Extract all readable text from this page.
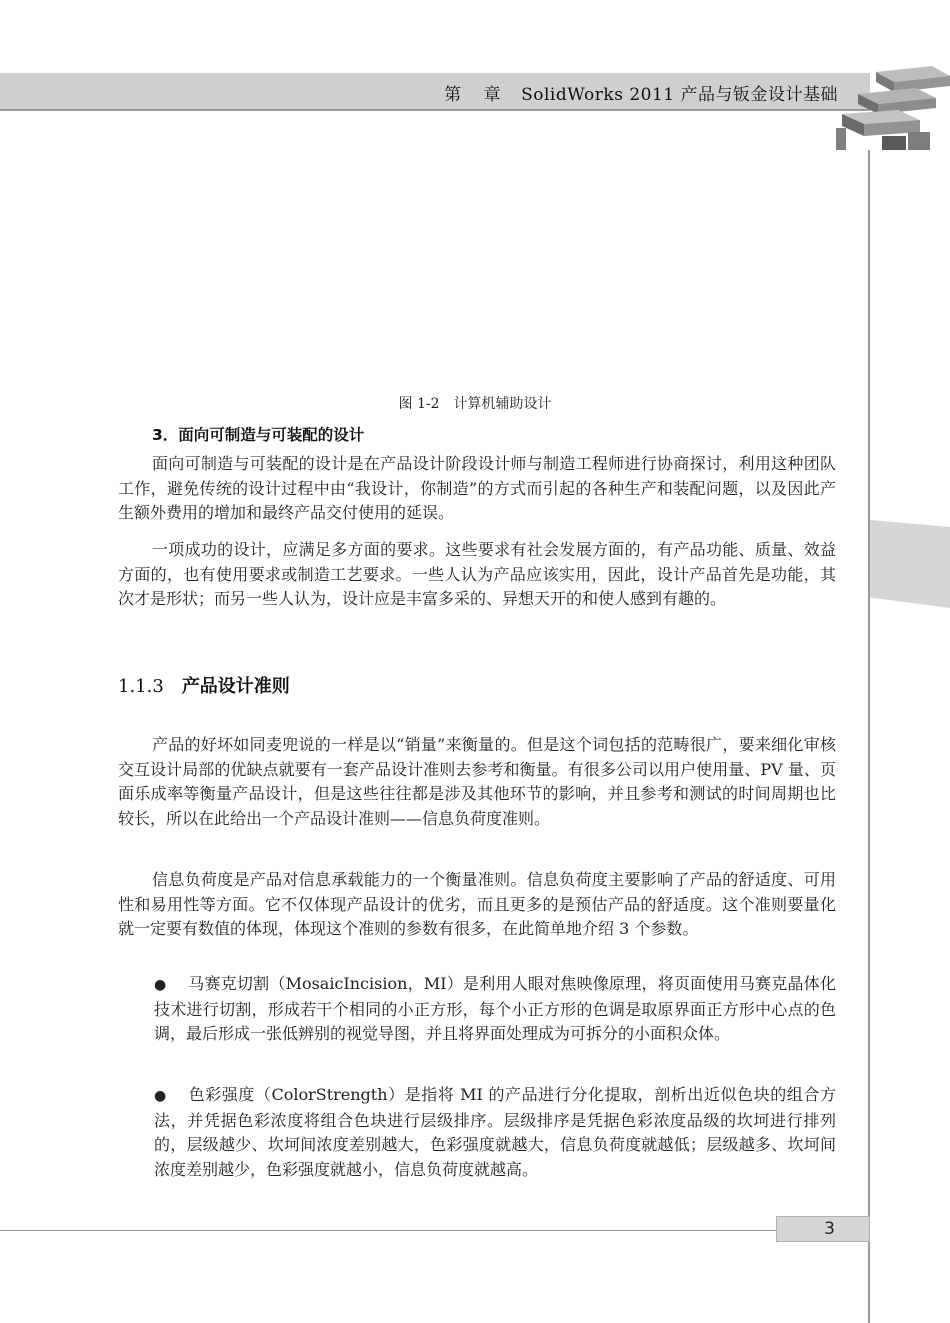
第 章 SolidWorks 2011 产品与钣金设计基础
图 1-2　计算机辅助设计
3．面向可制造与可装配的设计

面向可制造与可装配的设计是在产品设计阶段设计师与制造工程师进行协商探讨，利用这种团队工作，避免传统的设计过程中由“我设计，你制造”的方式而引起的各种生产和装配问题，以及因此产生额外费用的增加和最终产品交付使用的延误。

一项成功的设计，应满足多方面的要求。这些要求有社会发展方面的，有产品功能、质量、效益方面的，也有使用要求或制造工艺要求。一些人认为产品应该实用，因此，设计产品首先是功能，其次才是形状；而另一些人认为，设计应是丰富多采的、异想天开的和使人感到有趣的。

1.1.3 产品设计准则

产品的好坏如同麦兜说的一样是以“销量”来衡量的。但是这个词包括的范畴很广，要来细化审核交互设计局部的优缺点就要有一套产品设计准则去参考和衡量。有很多公司以用户使用量、PV 量、页面乐成率等衡量产品设计，但是这些往往都是涉及其他环节的影响，并且参考和测试的时间周期也比较长，所以在此给出一个产品设计准则——信息负荷度准则。

信息负荷度是产品对信息承载能力的一个衡量准则。信息负荷度主要影响了产品的舒适度、可用性和易用性等方面。它不仅体现产品设计的优劣，而且更多的是预估产品的舒适度。这个准则要量化就一定要有数值的体现，体现这个准则的参数有很多，在此简单地介绍 3 个参数。

● 马赛克切割（MosaicIncision，MI）是利用人眼对焦映像原理，将页面使用马赛克晶体化技术进行切割，形成若干个相同的小正方形，每个小正方形的色调是取原界面正方形中心点的色调，最后形成一张低辨别的视觉导图，并且将界面处理成为可拆分的小面积众体。

● 色彩强度（ColorStrength）是指将 MI 的产品进行分化提取，剖析出近似色块的组合方法，并凭据色彩浓度将组合色块进行层级排序。层级排序是凭据色彩浓度品级的坎坷进行排列的，层级越少、坎坷间浓度差别越大，色彩强度就越大，信息负荷度就越低；层级越多、坎坷间浓度差别越少，色彩强度就越小，信息负荷度就越高。

3
